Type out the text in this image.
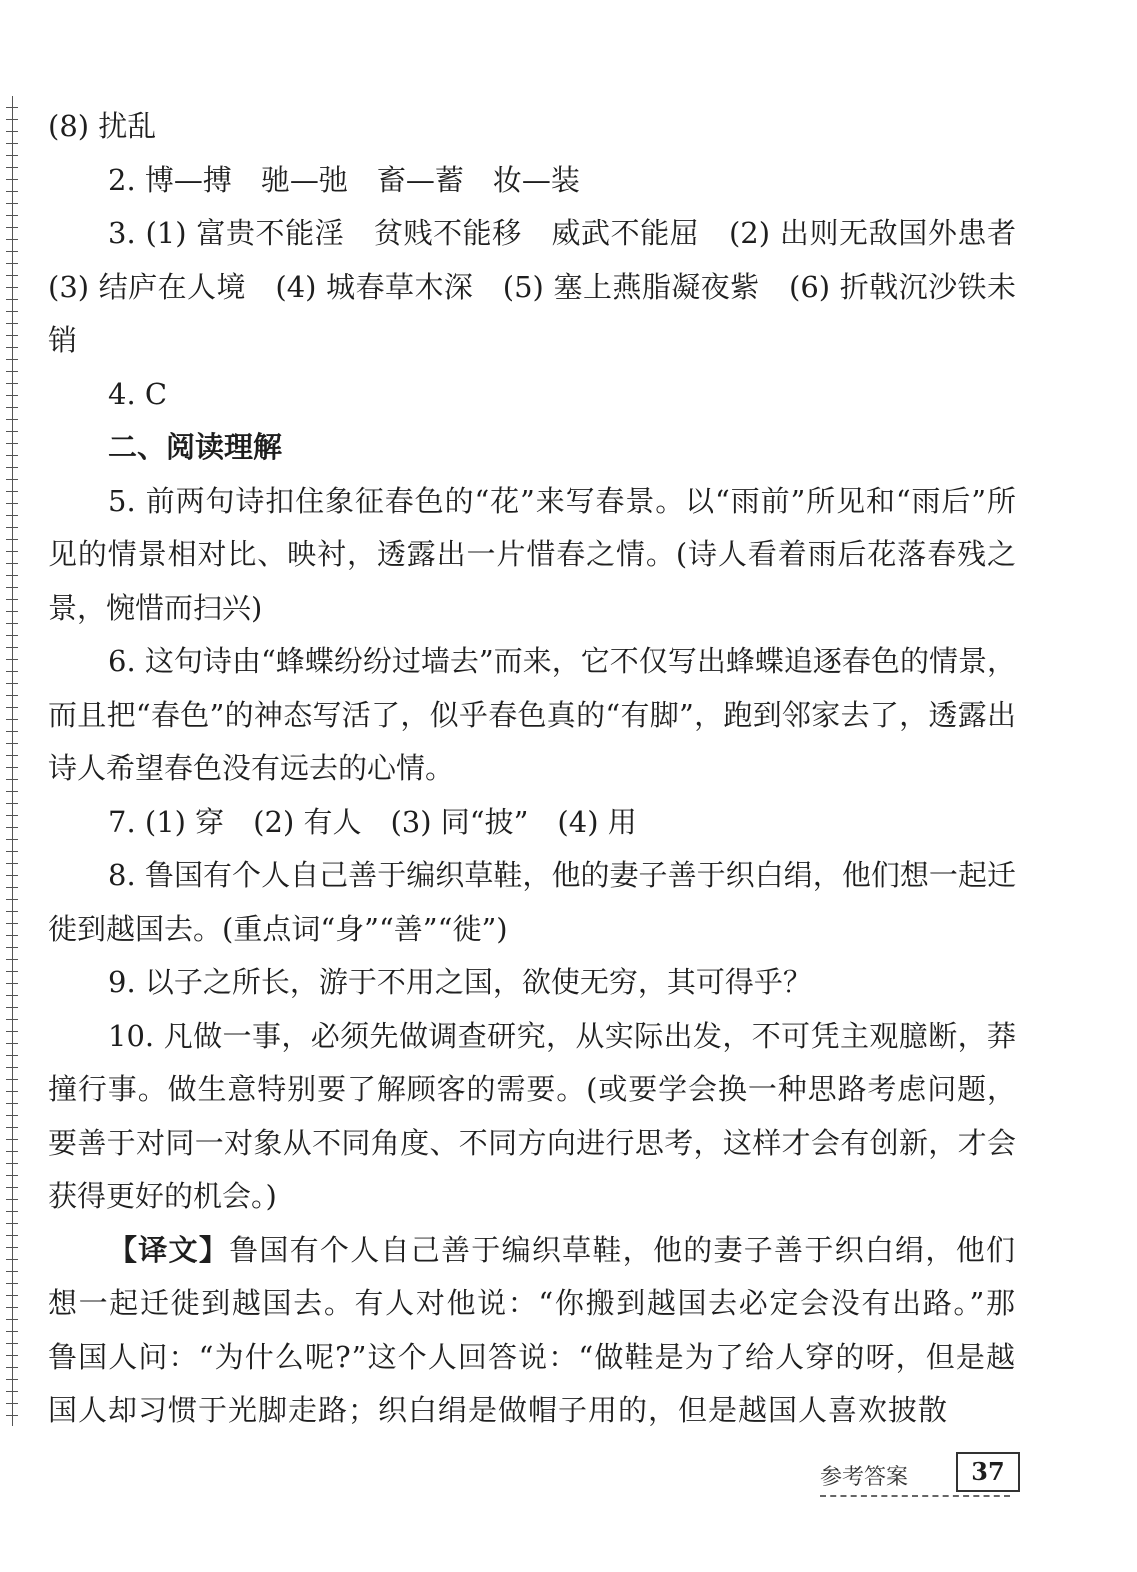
(8) 扰乱

2. 博—搏　驰—弛　畜—蓄　妆—装

3. (1) 富贵不能淫　贫贱不能移　威武不能屈　(2) 出则无敌国外患者　(3) 结庐在人境　(4) 城春草木深　(5) 塞上燕脂凝夜紫　(6) 折戟沉沙铁未销

4. C

二、阅读理解

5. 前两句诗扣住象征春色的“花”来写春景。以“雨前”所见和“雨后”所见的情景相对比、映衬，透露出一片惜春之情。(诗人看着雨后花落春残之景，惋惜而扫兴)

6. 这句诗由“蜂蝶纷纷过墙去”而来，它不仅写出蜂蝶追逐春色的情景，而且把“春色”的神态写活了，似乎春色真的“有脚”，跑到邻家去了，透露出诗人希望春色没有远去的心情。

7. (1) 穿　(2) 有人　(3) 同“披”　(4) 用

8. 鲁国有个人自己善于编织草鞋，他的妻子善于织白绢，他们想一起迁徙到越国去。(重点词“身”“善”“徙”)

9. 以子之所长，游于不用之国，欲使无穷，其可得乎？

10. 凡做一事，必须先做调查研究，从实际出发，不可凭主观臆断，莽撞行事。做生意特别要了解顾客的需要。(或要学会换一种思路考虑问题，要善于对同一对象从不同角度、不同方向进行思考，这样才会有创新，才会获得更好的机会。)

【译文】鲁国有个人自己善于编织草鞋，他的妻子善于织白绢，他们想一起迁徙到越国去。有人对他说：“你搬到越国去必定会没有出路。”那鲁国人问：“为什么呢?”这个人回答说：“做鞋是为了给人穿的呀，但是越国人却习惯于光脚走路；织白绢是做帽子用的，但是越国人喜欢披散

参考答案	37
